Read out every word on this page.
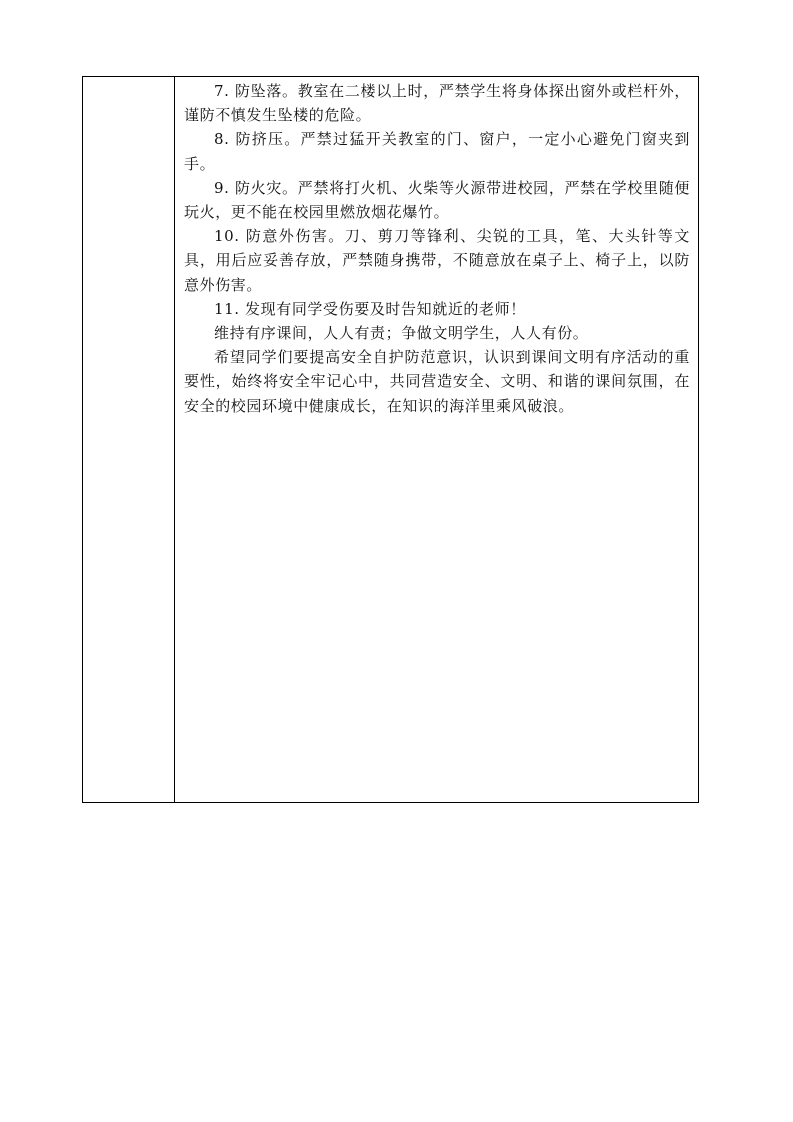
7. 防坠落。教室在二楼以上时，严禁学生将身体探出窗外或栏杆外，谨防不慎发生坠楼的危险。

8. 防挤压。严禁过猛开关教室的门、窗户，一定小心避免门窗夹到手。

9. 防火灾。严禁将打火机、火柴等火源带进校园，严禁在学校里随便玩火，更不能在校园里燃放烟花爆竹。

10. 防意外伤害。刀、剪刀等锋利、尖锐的工具，笔、大头针等文具，用后应妥善存放，严禁随身携带，不随意放在桌子上、椅子上，以防意外伤害。

11. 发现有同学受伤要及时告知就近的老师！

维持有序课间，人人有责；争做文明学生，人人有份。

希望同学们要提高安全自护防范意识，认识到课间文明有序活动的重要性，始终将安全牢记心中，共同营造安全、文明、和谐的课间氛围，在安全的校园环境中健康成长，在知识的海洋里乘风破浪。
